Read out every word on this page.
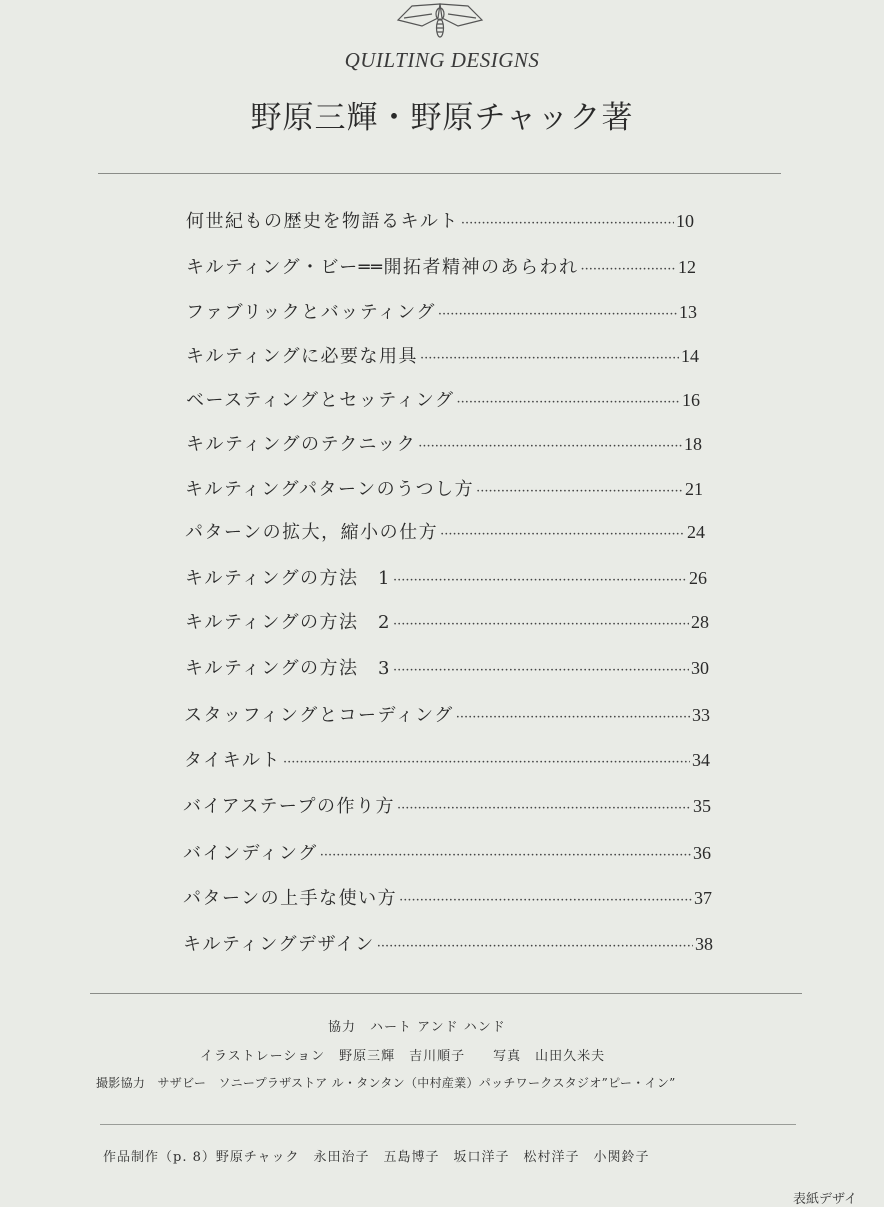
QUILTING DESIGNS
野原三輝・野原チャック著
何世紀もの歴史を物語るキルト ·····	10
キルティング・ビー══開拓者精神のあらわれ ·····	12
ファブリックとバッティング ·····	13
キルティングに必要な用具 ·····	14
ベースティングとセッティング ·····	16
キルティングのテクニック ·····	18
キルティングパターンのうつし方 ·····	21
パターンの拡大，縮小の仕方 ·····	24
キルティングの方法　1 ·····	26
キルティングの方法　2 ·····	28
キルティングの方法　3 ·····	30
スタッフィングとコーディング ·····	33
タイキルト ·····	34
バイアステープの作り方 ·····	35
バインディング ·····	36
パターンの上手な使い方 ·····	37
キルティングデザイン ·····	38
協力　ハート アンド ハンド
イラストレーション　野原三輝　吉川順子　　写真　山田久米夫
撮影協力　サザビー　ソニープラザストア ル・タンタン（中村産業）パッチワークスタジオ”ピー・イン”
作品制作（p. 8）野原チャック　永田治子　五島博子　坂口洋子　松村洋子　小関鈴子
表紙デザイ
